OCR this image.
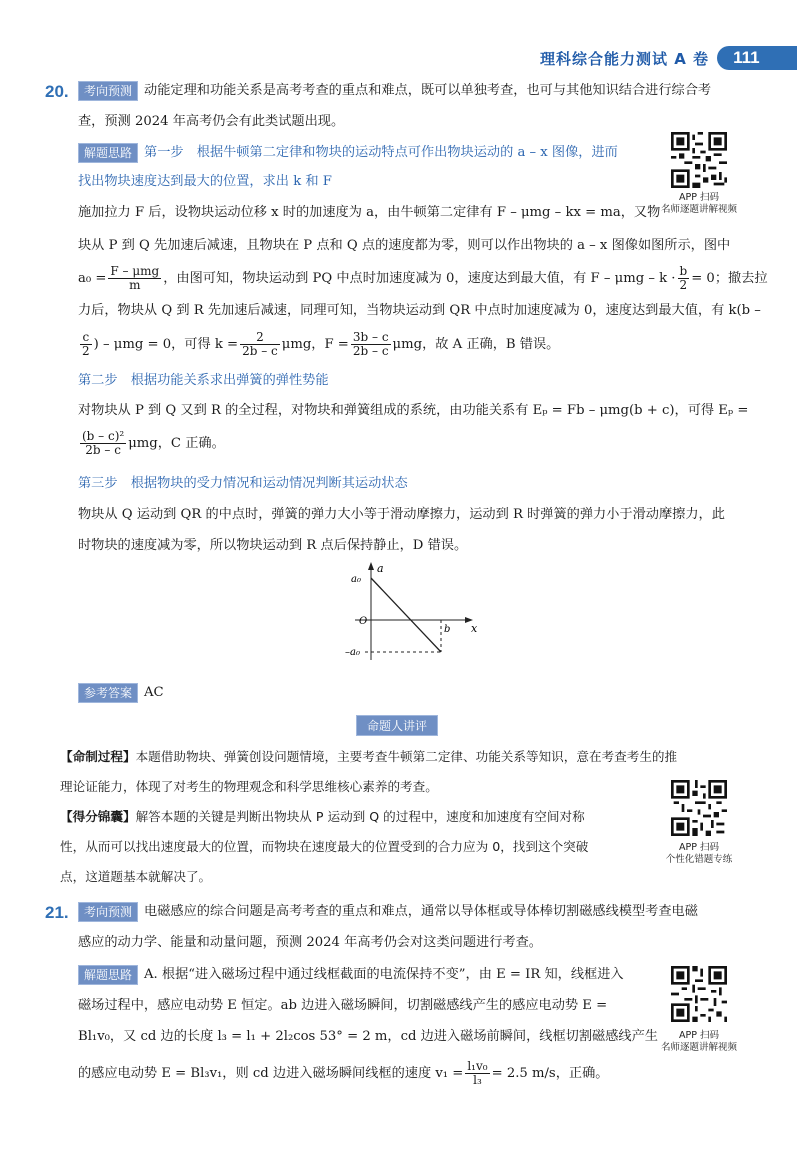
理科综合能力测试 A 卷	111
20.	考向预测 动能定理和功能关系是高考考查的重点和难点，既可以单独考查，也可与其他知识结合进行综合考
查，预测 2024 年高考仍会有此类试题出现。
解题思路 第一步　根据牛顿第二定律和物块的运动特点可作出物块运动的 a – x 图像，进而
找出物块速度达到最大的位置，求出 k 和 F
施加拉力 F 后，设物块运动位移 x 时的加速度为 a，由牛顿第二定律有 F – μmg – kx = ma，又物
块从 P 到 Q 先加速后减速，且物块在 P 点和 Q 点的速度都为零，则可以作出物块的 a – x 图像如图所示，图中
$a_0 = \frac{\text{F – μmg}}{m}$ ，由图可知，物块运动到 PQ 中点时加速度减为 0，速度达到最大值，有 $F - \mu mg - k \cdot \frac{b}{2} = 0$；撤去拉
力后，物块从 Q 到 R 先加速后减速，同理可知，当物块运动到 QR 中点时加速度减为 0，速度达到最大值，有 k(b –
$\frac{c}{2}$ ) – μmg = 0，可得 $k = \frac{2}{2b - c}$ μmg，$F = \frac{3b - c}{2b - c}$ μmg，故 A 正确，B 错误。
第二步　根据功能关系求出弹簧的弹性势能
对物块从 P 到 Q 又到 R 的全过程，对物块和弹簧组成的系统，由功能关系有 Eₚ = Fb – μmg(b + c)，可得 Eₚ =
$\frac{\text{(b – c)²}}{2b - c}$ μmg，C 正确。
第三步　根据物块的受力情况和运动情况判断其运动状态
物块从 Q 运动到 QR 的中点时，弹簧的弹力大小等于滑动摩擦力，运动到 R 时弹簧的弹力小于滑动摩擦力，此
时物块的速度减为零，所以物块运动到 R 点后保持静止，D 错误。
a
x
a₀
O
–a₀
b
参考答案 AC
APP 扫码
名师逐题讲解视频
命题人讲评
【命制过程】本题借助物块、弹簧创设问题情境，主要考查牛顿第二定律、功能关系等知识，意在考查考生的推
理论证能力，体现了对考生的物理观念和科学思维核心素养的考查。
【得分锦囊】解答本题的关键是判断出物块从 P 运动到 Q 的过程中，速度和加速度有空间对称
性，从而可以找出速度最大的位置，而物块在速度最大的位置受到的合力应为 0，找到这个突破
点，这道题基本就解决了。
APP 扫码
个性化错题专练
21.	考向预测 电磁感应的综合问题是高考考查的重点和难点，通常以导体框或导体棒切割磁感线模型考查电磁
感应的动力学、能量和动量问题，预测 2024 年高考仍会对这类问题进行考查。
解题思路 A. 根据“进入磁场过程中通过线框截面的电流保持不变”，由 E = IR 知，线框进入
磁场过程中，感应电动势 E 恒定。ab 边进入磁场瞬间，切割磁感线产生的感应电动势 E =
Bl₁v₀，又 cd 边的长度 l₃ = l₁ + 2l₂cos 53° = 2 m，cd 边进入磁场前瞬间，线框切割磁感线产生
的感应电动势 E = Bl₃v₁，则 cd 边进入磁场瞬间线框的速度 $v_1 = \frac{\text{l₁v₀}}{\text{l₃}} = 2.5$ m/s，正确。
APP 扫码
名师逐题讲解视频
